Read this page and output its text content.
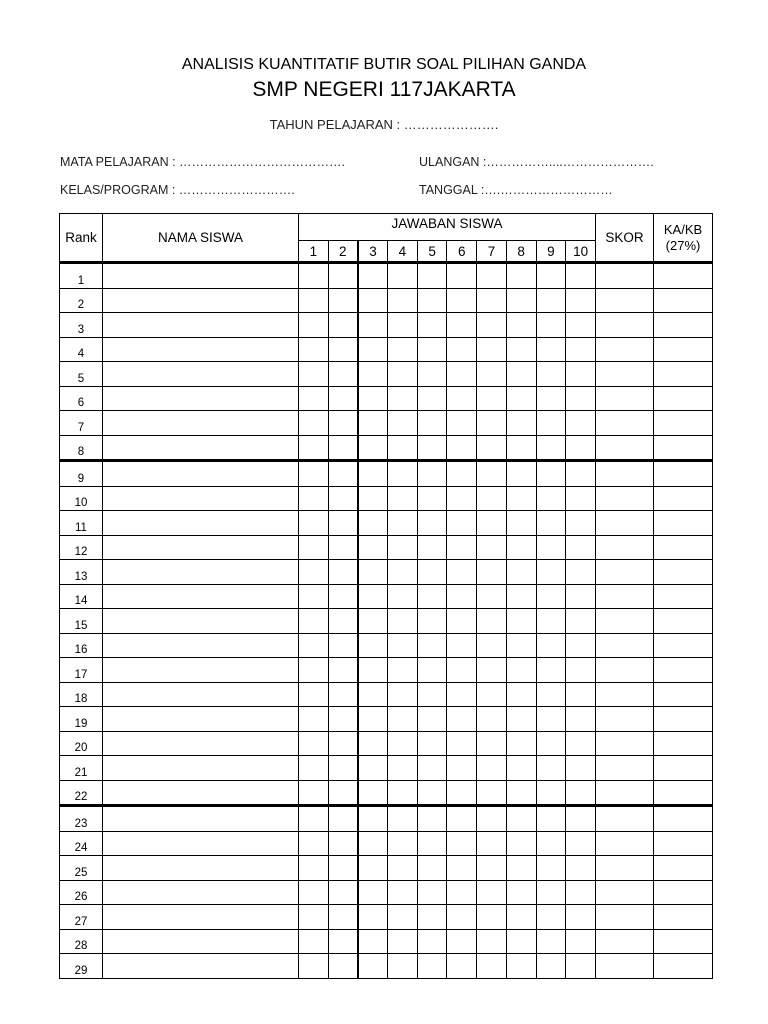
ANALISIS KUANTITATIF BUTIR SOAL PILIHAN GANDA
SMP NEGERI 117JAKARTA
TAHUN PELAJARAN : ………………….
MATA PELAJARAN : ………………………………….	ULANGAN :……………....………………….
KELAS/PROGRAM : ……………………….	TANGGAL :….………………………
Rank	NAMA SISWA	JAWABAN SISWA										SKOR	KA/KB (27%)
		1	2	3	4	5	6	7	8	9	10		
1													
2													
3													
4													
5													
6													
7													
8													
9													
10													
11													
12													
13													
14													
15													
16													
17													
18													
19													
20													
21													
22													
23													
24													
25													
26													
27													
28													
29													
